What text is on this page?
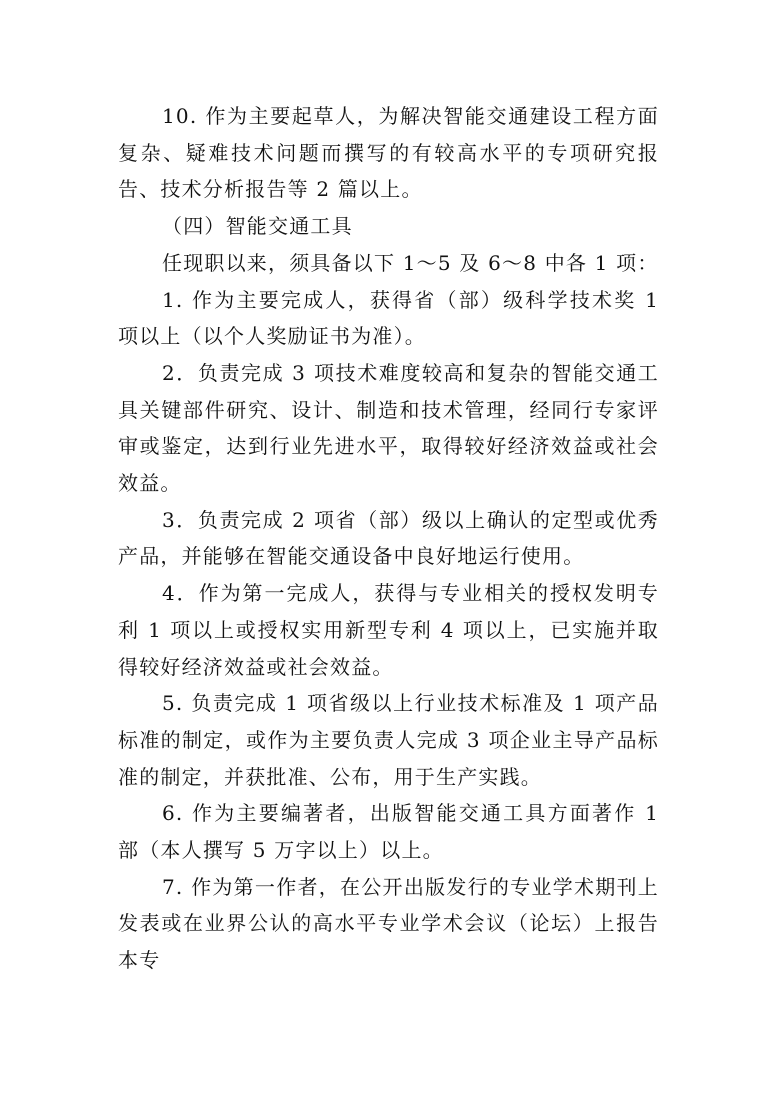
10. 作为主要起草人，为解决智能交通建设工程方面复杂、疑难技术问题而撰写的有较高水平的专项研究报告、技术分析报告等 2 篇以上。

（四）智能交通工具

任现职以来，须具备以下 1～5 及 6～8 中各 1 项：

1. 作为主要完成人，获得省（部）级科学技术奖 1 项以上（以个人奖励证书为准）。

2．负责完成 3 项技术难度较高和复杂的智能交通工具关键部件研究、设计、制造和技术管理，经同行专家评审或鉴定，达到行业先进水平，取得较好经济效益或社会效益。

3．负责完成 2 项省（部）级以上确认的定型或优秀产品，并能够在智能交通设备中良好地运行使用。

4．作为第一完成人，获得与专业相关的授权发明专利 1 项以上或授权实用新型专利 4 项以上，已实施并取得较好经济效益或社会效益。

5. 负责完成 1 项省级以上行业技术标准及 1 项产品标准的制定，或作为主要负责人完成 3 项企业主导产品标准的制定，并获批准、公布，用于生产实践。

6. 作为主要编著者，出版智能交通工具方面著作 1 部（本人撰写 5 万字以上）以上。

7. 作为第一作者，在公开出版发行的专业学术期刊上发表或在业界公认的高水平专业学术会议（论坛）上报告本专
